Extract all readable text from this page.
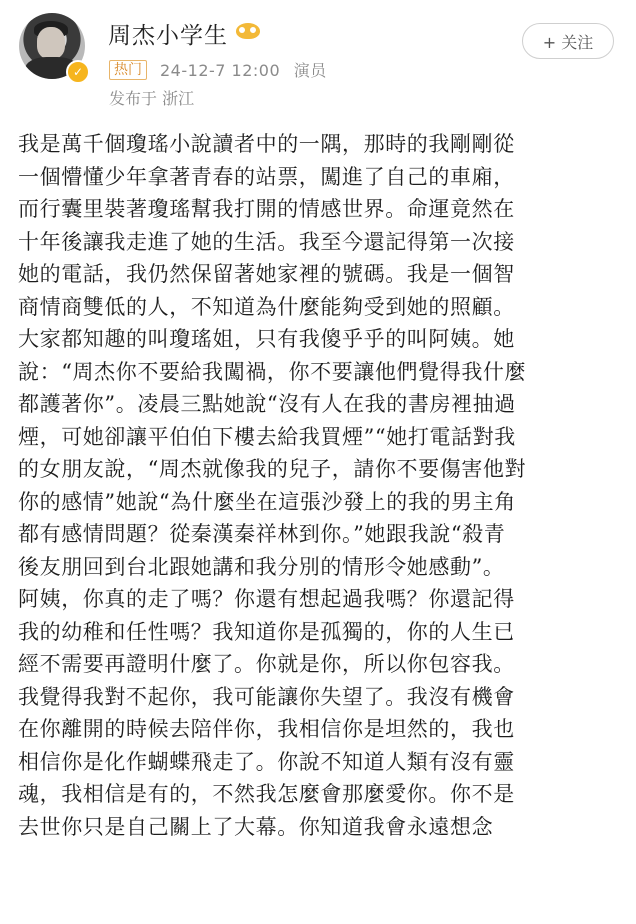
✓
周杰小学生
热门	24-12-7 12:00 演员
发布于 浙江
+ 关注
我是萬千個瓊瑤小說讀者中的一隅，那時的我剛剛從
一個懵懂少年拿著青春的站票，闖進了自己的車廂，
而行囊里裝著瓊瑤幫我打開的情感世界。命運竟然在
十年後讓我走進了她的生活。我至今還記得第一次接
她的電話，我仍然保留著她家裡的號碼。我是一個智
商情商雙低的人，不知道為什麼能夠受到她的照顧。
大家都知趣的叫瓊瑤姐，只有我傻乎乎的叫阿姨。她
說：“周杰你不要給我闖禍，你不要讓他們覺得我什麼
都護著你”。凌晨三點她說“沒有人在我的書房裡抽過
煙，可她卻讓平伯伯下樓去給我買煙”“她打電話對我
的女朋友說，“周杰就像我的兒子，請你不要傷害他對
你的感情”她說“為什麼坐在這張沙發上的我的男主角
都有感情問題？從秦漢秦祥林到你。”她跟我說“殺青
後友朋回到台北跟她講和我分別的情形令她感動”。
阿姨，你真的走了嗎？你還有想起過我嗎？你還記得
我的幼稚和任性嗎？我知道你是孤獨的，你的人生已
經不需要再證明什麼了。你就是你，所以你包容我。
我覺得我對不起你，我可能讓你失望了。我沒有機會
在你離開的時候去陪伴你，我相信你是坦然的，我也
相信你是化作蝴蝶飛走了。你說不知道人類有沒有靈
魂，我相信是有的，不然我怎麼會那麼愛你。你不是
去世你只是自己關上了大幕。你知道我會永遠想念
